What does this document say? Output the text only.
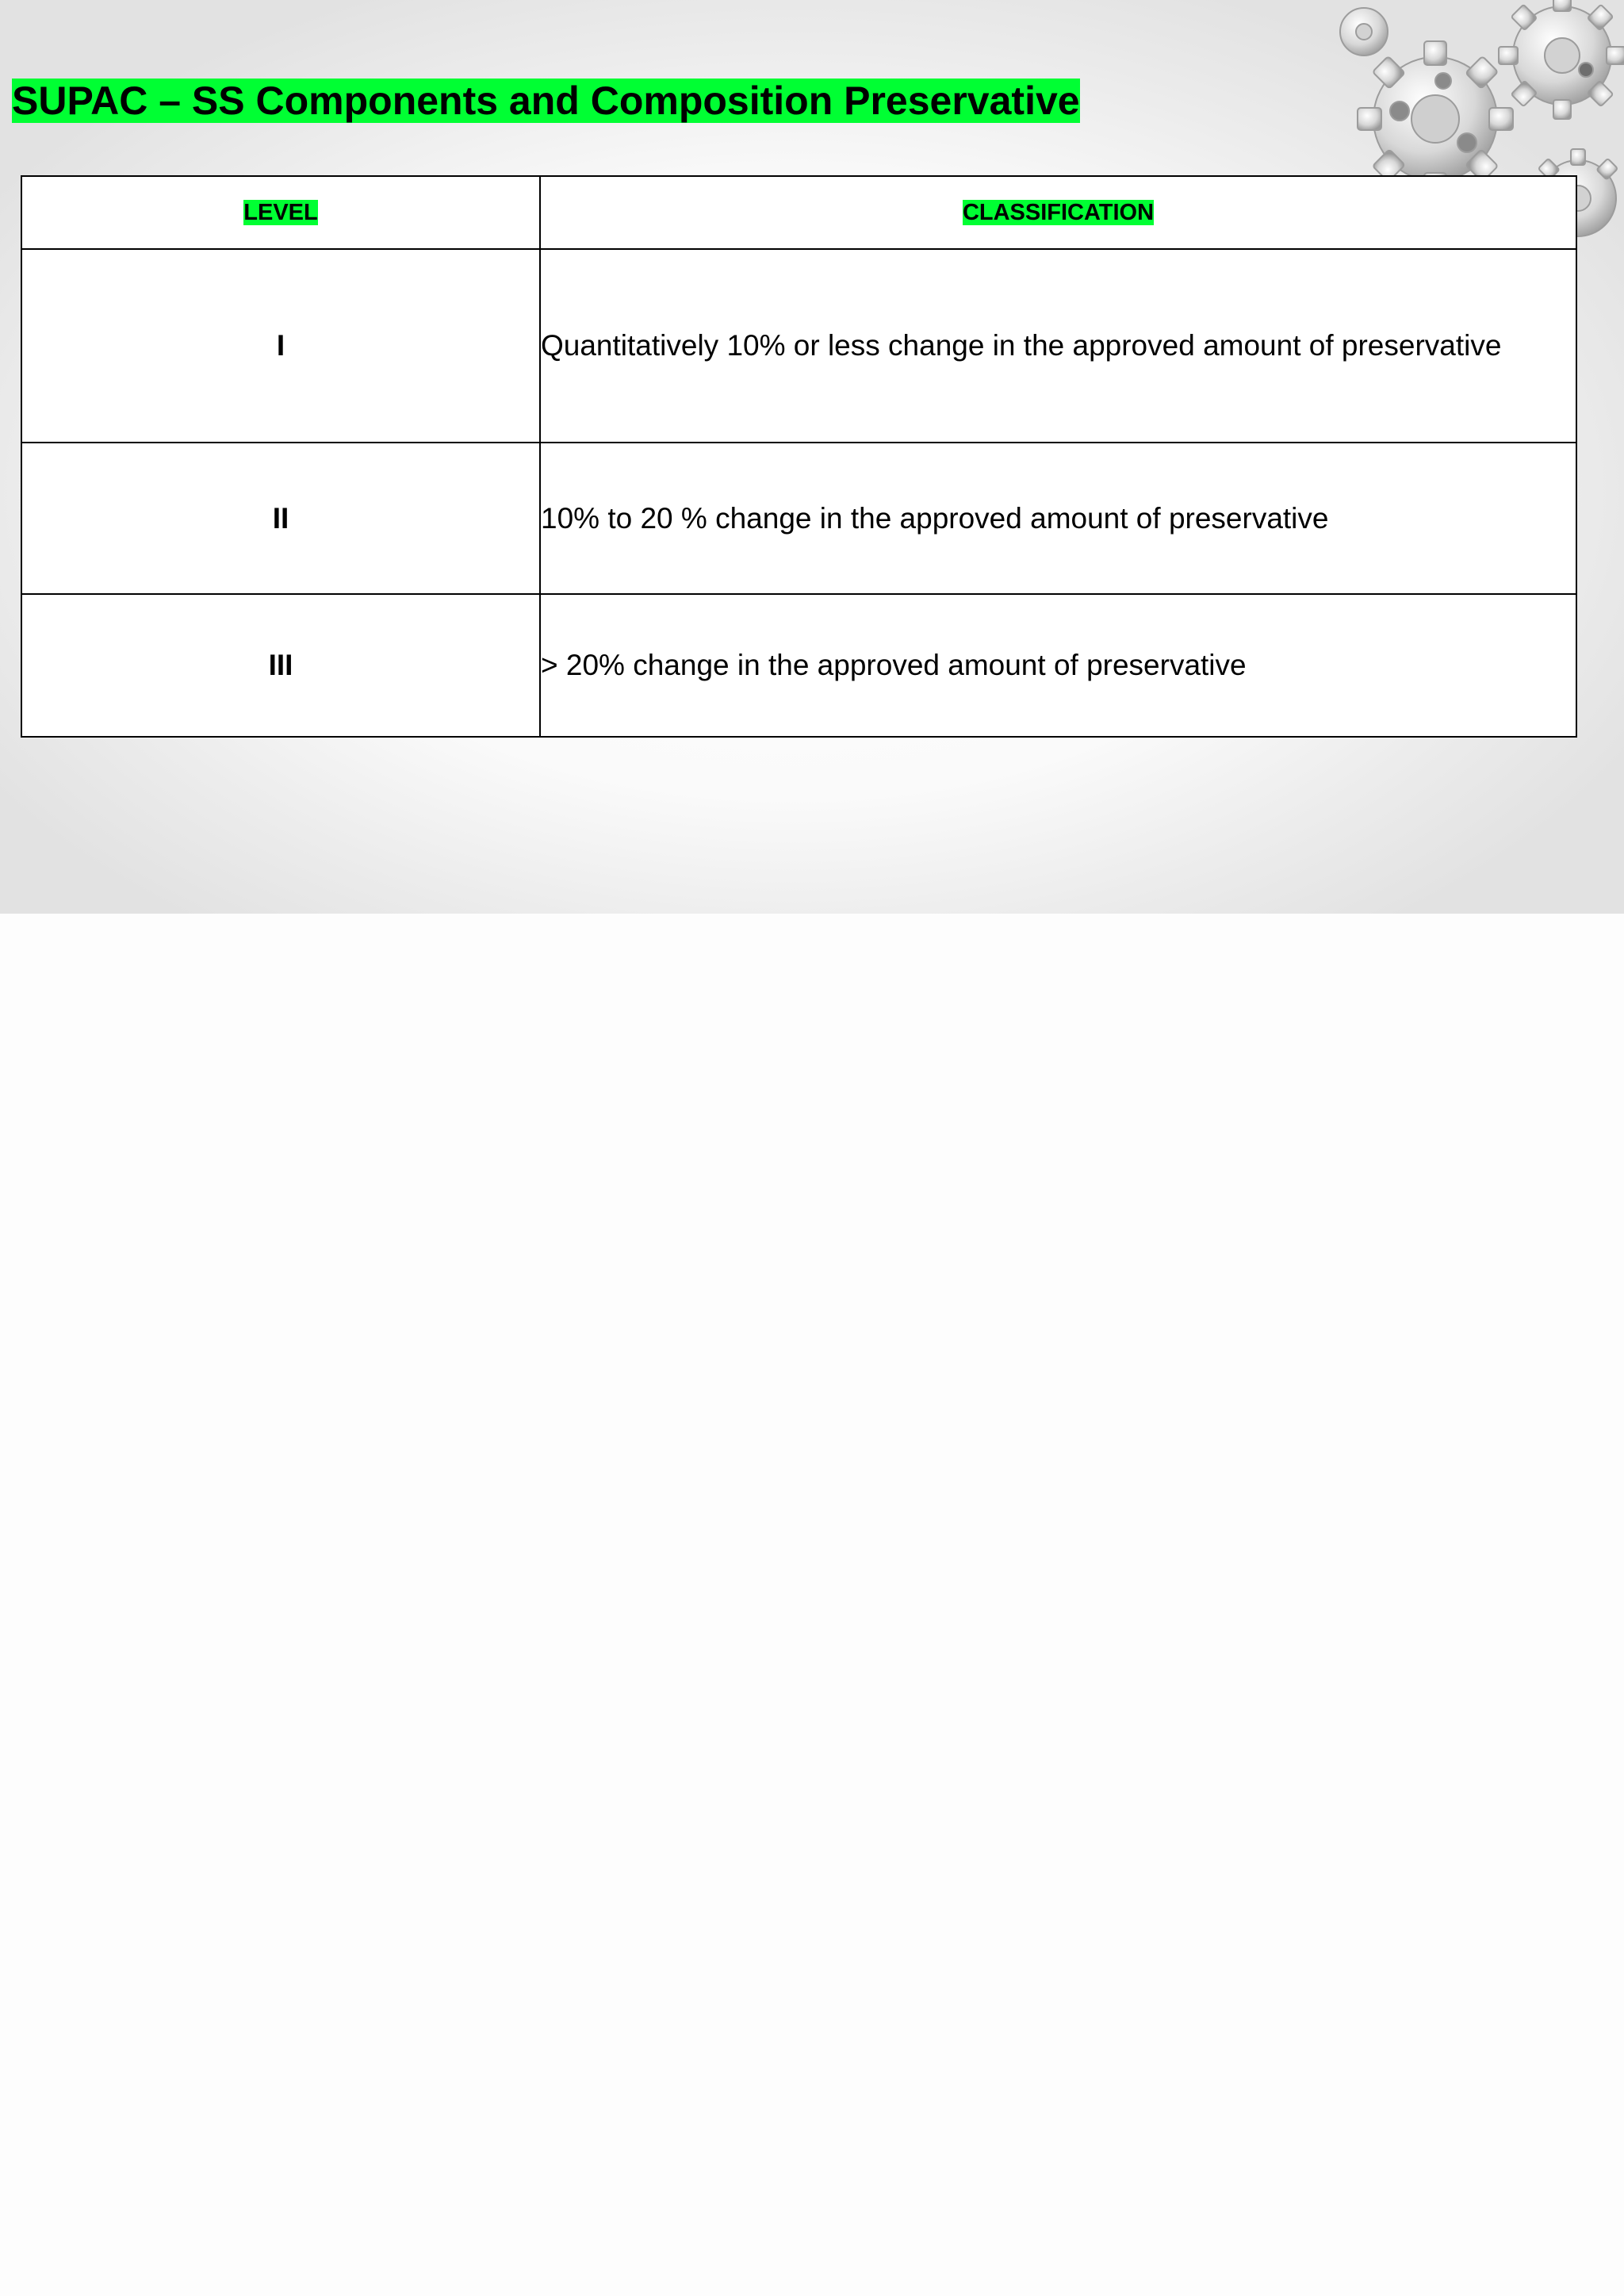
SUPAC – SS Components and Composition Preservative
LEVEL	CLASSIFICATION
I	Quantitatively 10% or less change in the approved amount of preservative
II	10% to 20 % change in the approved amount of preservative
III	> 20% change in the approved amount of preservative
